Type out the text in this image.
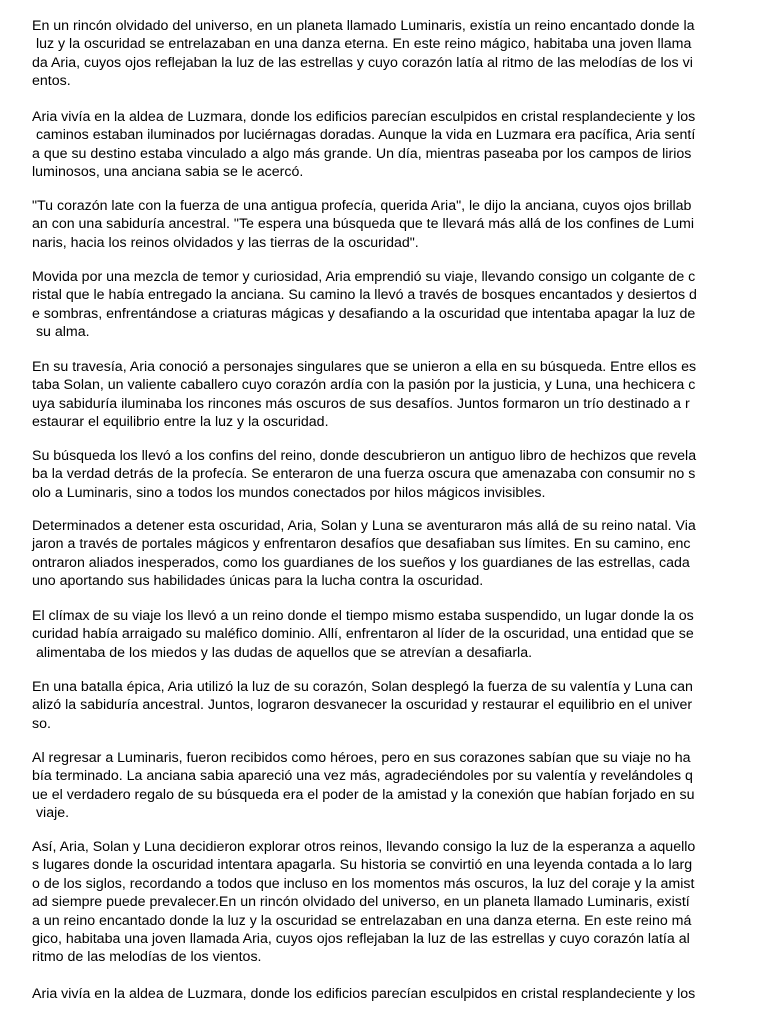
En un rincón olvidado del universo, en un planeta llamado Luminaris, existía un reino encantado donde la
luz y la oscuridad se entrelazaban en una danza eterna. En este reino mágico, habitaba una joven llama
da Aria, cuyos ojos reflejaban la luz de las estrellas y cuyo corazón latía al ritmo de las melodías de los vi
entos.

Aria vivía en la aldea de Luzmara, donde los edificios parecían esculpidos en cristal resplandeciente y los
caminos estaban iluminados por luciérnagas doradas. Aunque la vida en Luzmara era pacífica, Aria sentí
a que su destino estaba vinculado a algo más grande. Un día, mientras paseaba por los campos de lirios
luminosos, una anciana sabia se le acercó.

"Tu corazón late con la fuerza de una antigua profecía, querida Aria", le dijo la anciana, cuyos ojos brillab
an con una sabiduría ancestral. "Te espera una búsqueda que te llevará más allá de los confines de Lumi
naris, hacia los reinos olvidados y las tierras de la oscuridad".

Movida por una mezcla de temor y curiosidad, Aria emprendió su viaje, llevando consigo un colgante de c
ristal que le había entregado la anciana. Su camino la llevó a través de bosques encantados y desiertos d
e sombras, enfrentándose a criaturas mágicas y desafiando a la oscuridad que intentaba apagar la luz de
su alma.

En su travesía, Aria conoció a personajes singulares que se unieron a ella en su búsqueda. Entre ellos es
taba Solan, un valiente caballero cuyo corazón ardía con la pasión por la justicia, y Luna, una hechicera c
uya sabiduría iluminaba los rincones más oscuros de sus desafíos. Juntos formaron un trío destinado a r
estaurar el equilibrio entre la luz y la oscuridad.

Su búsqueda los llevó a los confins del reino, donde descubrieron un antiguo libro de hechizos que revela
ba la verdad detrás de la profecía. Se enteraron de una fuerza oscura que amenazaba con consumir no s
olo a Luminaris, sino a todos los mundos conectados por hilos mágicos invisibles.

Determinados a detener esta oscuridad, Aria, Solan y Luna se aventuraron más allá de su reino natal. Via
jaron a través de portales mágicos y enfrentaron desafíos que desafiaban sus límites. En su camino, enc
ontraron aliados inesperados, como los guardianes de los sueños y los guardianes de las estrellas, cada
uno aportando sus habilidades únicas para la lucha contra la oscuridad.

El clímax de su viaje los llevó a un reino donde el tiempo mismo estaba suspendido, un lugar donde la os
curidad había arraigado su maléfico dominio. Allí, enfrentaron al líder de la oscuridad, una entidad que se
alimentaba de los miedos y las dudas de aquellos que se atrevían a desafiarla.

En una batalla épica, Aria utilizó la luz de su corazón, Solan desplegó la fuerza de su valentía y Luna can
alizó la sabiduría ancestral. Juntos, lograron desvanecer la oscuridad y restaurar el equilibrio en el univer
so.

Al regresar a Luminaris, fueron recibidos como héroes, pero en sus corazones sabían que su viaje no ha
bía terminado. La anciana sabia apareció una vez más, agradeciéndoles por su valentía y revelándoles q
ue el verdadero regalo de su búsqueda era el poder de la amistad y la conexión que habían forjado en su
viaje.

Así, Aria, Solan y Luna decidieron explorar otros reinos, llevando consigo la luz de la esperanza a aquello
s lugares donde la oscuridad intentara apagarla. Su historia se convirtió en una leyenda contada a lo larg
o de los siglos, recordando a todos que incluso en los momentos más oscuros, la luz del coraje y la amist
ad siempre puede prevalecer.En un rincón olvidado del universo, en un planeta llamado Luminaris, existí
a un reino encantado donde la luz y la oscuridad se entrelazaban en una danza eterna. En este reino má
gico, habitaba una joven llamada Aria, cuyos ojos reflejaban la luz de las estrellas y cuyo corazón latía al
ritmo de las melodías de los vientos.

Aria vivía en la aldea de Luzmara, donde los edificios parecían esculpidos en cristal resplandeciente y los
